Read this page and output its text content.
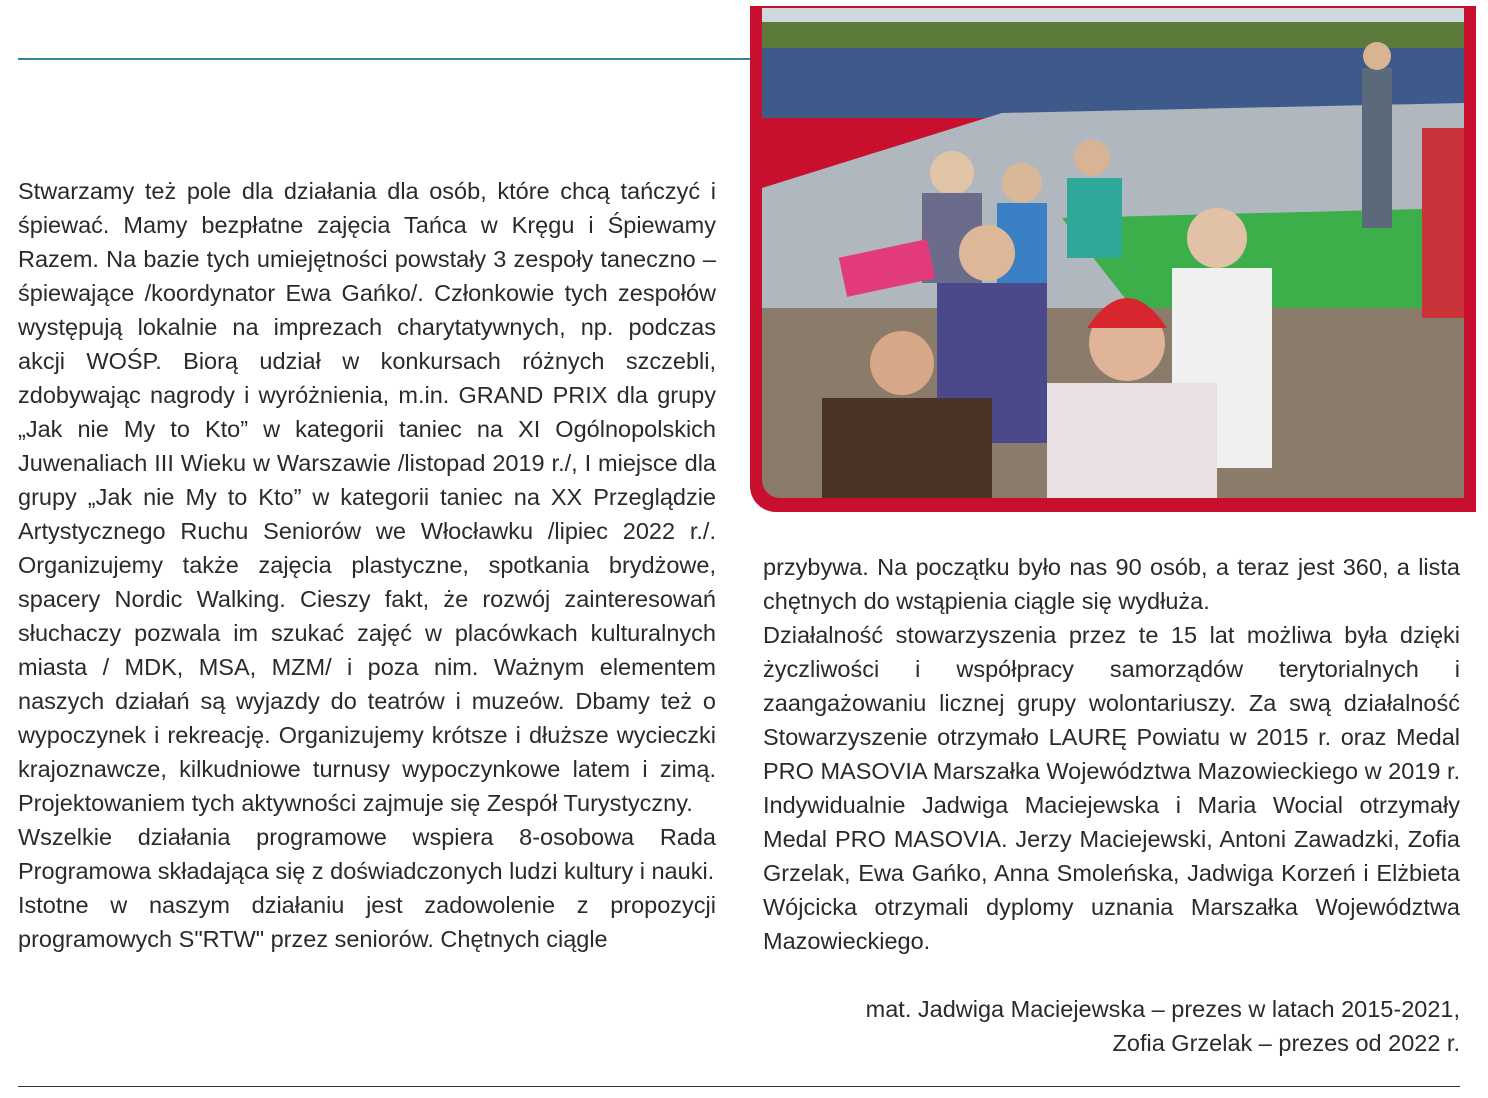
Stwarzamy też pole dla działania dla osób, które chcą tańczyć i śpiewać. Mamy bezpłatne zajęcia Tańca w Kręgu i Śpiewamy Razem. Na bazie tych umiejętności powstały 3 zespoły taneczno – śpiewające /koordynator Ewa Gańko/. Członkowie tych zespołów występują lokalnie na imprezach charytatywnych, np. podczas akcji WOŚP. Biorą udział w konkursach różnych szczebli, zdobywając nagrody i wyróżnienia, m.in. GRAND PRIX dla grupy „Jak nie My to Kto” w kategorii taniec na XI Ogólnopolskich Juwenaliach III Wieku w Warszawie /listopad 2019 r./, I miejsce dla grupy „Jak nie My to Kto” w kategorii taniec na XX Przeglądzie Artystycznego Ruchu Seniorów we Włocławku /lipiec 2022 r./. Organizujemy także zajęcia plastyczne, spotkania brydżowe, spacery Nordic Walking. Cieszy fakt, że rozwój zainteresowań słuchaczy pozwala im szukać zajęć w placówkach kulturalnych miasta / MDK, MSA, MZM/ i poza nim. Ważnym elementem naszych działań są wyjazdy do teatrów i muzeów. Dbamy też o wypoczynek i rekreację. Organizujemy krótsze i dłuższe wycieczki krajoznawcze, kilkudniowe turnusy wypoczynkowe latem i zimą. Projektowaniem tych aktywności zajmuje się Zespół Turystyczny.

Wszelkie działania programowe wspiera 8-osobowa Rada Programowa składająca się z doświadczonych ludzi kultury i nauki.

Istotne w naszym działaniu jest zadowolenie z propozycji programowych S"RTW" przez seniorów. Chętnych ciągle

przybywa. Na początku było nas 90 osób, a teraz jest 360, a lista chętnych do wstąpienia ciągle się wydłuża.

Działalność stowarzyszenia przez te 15 lat możliwa była dzięki życzliwości i współpracy samorządów terytorialnych i zaangażowaniu licznej grupy wolontariuszy. Za swą działalność Stowarzyszenie otrzymało LAURĘ Powiatu w 2015 r. oraz Medal PRO MASOVIA Marszałka Województwa Mazowieckiego w 2019 r. Indywidualnie Jadwiga Maciejewska i Maria Wocial otrzymały Medal PRO MASOVIA. Jerzy Maciejewski, Antoni Zawadzki, Zofia Grzelak, Ewa Gańko, Anna Smoleńska, Jadwiga Korzeń i Elżbieta Wójcicka otrzymali dyplomy uznania Marszałka Województwa Mazowieckiego.

mat. Jadwiga Maciejewska – prezes w latach 2015-2021,
Zofia Grzelak – prezes od 2022 r.
